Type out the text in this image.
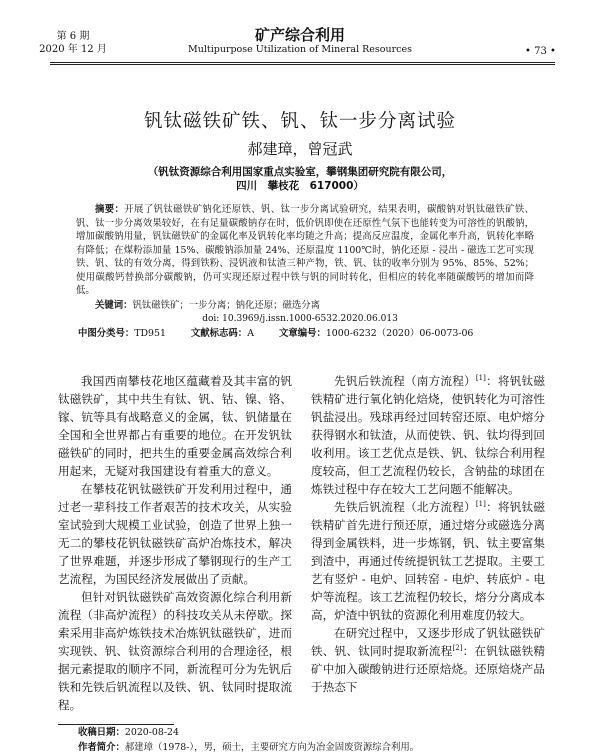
第 6 期
2020 年 12 月
矿产综合利用
Multipurpose Utilization of Mineral Resources	• 73 •
钒钛磁铁矿铁、钒、钛一步分离试验
郝建璋，曾冠武
（钒钛资源综合利用国家重点实验室，攀钢集团研究院有限公司，
四川　攀枝花　617000）
摘要：开展了钒钛磁铁矿钠化还原铁、钒、钛一步分离试验研究，结果表明，碳酸钠对钒钛磁铁矿铁、钒、钛一步分离效果较好，在有足量碳酸钠存在时，低价钒即使在还原性气氛下也能转变为可溶性的钒酸钠，增加碳酸钠用量，钒钛磁铁矿的金属化率及钒转化率均随之升高；提高反应温度，金属化率升高，钒转化率略有降低；在煤粉添加量 15%、碳酸钠添加量 24%、还原温度 1100℃时，钠化还原 - 浸出 - 磁选工艺可实现铁、钒、钛的有效分离，得到铁粉、浸钒液和钛渣三种产物，铁、钒、钛的收率分别为 95%、85%、52%；使用碳酸钙替换部分碳酸钠，仍可实现还原过程中铁与钒的同时转化，但相应的转化率随碳酸钙的增加而降低。
关键词：钒钛磁铁矿；一步分离；钠化还原；磁选分离
doi: 10.3969/j.issn.1000-6532.2020.06.013
中图分类号：TD951	文献标志码：A	文章编号：1000-6232（2020）06-0073-06

我国西南攀枝花地区蕴藏着及其丰富的钒钛磁铁矿，其中共生有钛、钒、钴、镍、铬、镓、钪等具有战略意义的金属，钛、钒储量在全国和全世界都占有重要的地位。在开发钒钛磁铁矿的同时，把共生的重要金属高效综合利用起来，无疑对我国建设有着重大的意义。

在攀枝花钒钛磁铁矿开发利用过程中，通过老一辈科技工作者艰苦的技术攻关，从实验室试验到大规模工业试验，创造了世界上独一无二的攀枝花钒钛磁铁矿高炉冶炼技术，解决了世界难题，并逐步形成了攀钢现行的生产工艺流程，为国民经济发展做出了贡献。

但针对钒钛磁铁矿高效资源化综合利用新流程（非高炉流程）的科技攻关从未停歇。探索采用非高炉炼铁技术冶炼钒钛磁铁矿，进而实现铁、钒、钛资源综合利用的合理途径，根据元素提取的顺序不同，新流程可分为先钒后铁和先铁后钒流程以及铁、钒、钛同时提取流程。

收稿日期：2020-08-24
作者简介：郝建璋（1978-），男，硕士，主要研究方向为冶金固废资源综合利用。

先钒后铁流程（南方流程）[1]：将钒钛磁铁精矿进行氧化钠化焙烧，使钒转化为可溶性钒盐浸出。残球再经过回转窑还原、电炉熔分获得钢水和钛渣，从而使铁、钒、钛均得到回收利用。该工艺优点是铁、钒、钛综合利用程度较高，但工艺流程仍较长，含钠盐的球团在炼铁过程中存在较大工艺问题不能解决。

先铁后钒流程（北方流程）[1]：将钒钛磁铁精矿首先进行预还原，通过熔分或磁选分离得到金属铁料，进一步炼钢，钒、钛主要富集到渣中，再通过传统提钒钛工艺提取。主要工艺有竖炉 - 电炉、回转窑 - 电炉、转底炉 - 电炉等流程。该工艺流程仍较长，熔分分离成本高，炉渣中钒钛的资源化利用难度仍较大。

在研究过程中，又逐步形成了钒钛磁铁矿铁、钒、钛同时提取新流程[2]：在钒钛磁铁精矿中加入碳酸钠进行还原焙烧。还原焙烧产品于热态下
